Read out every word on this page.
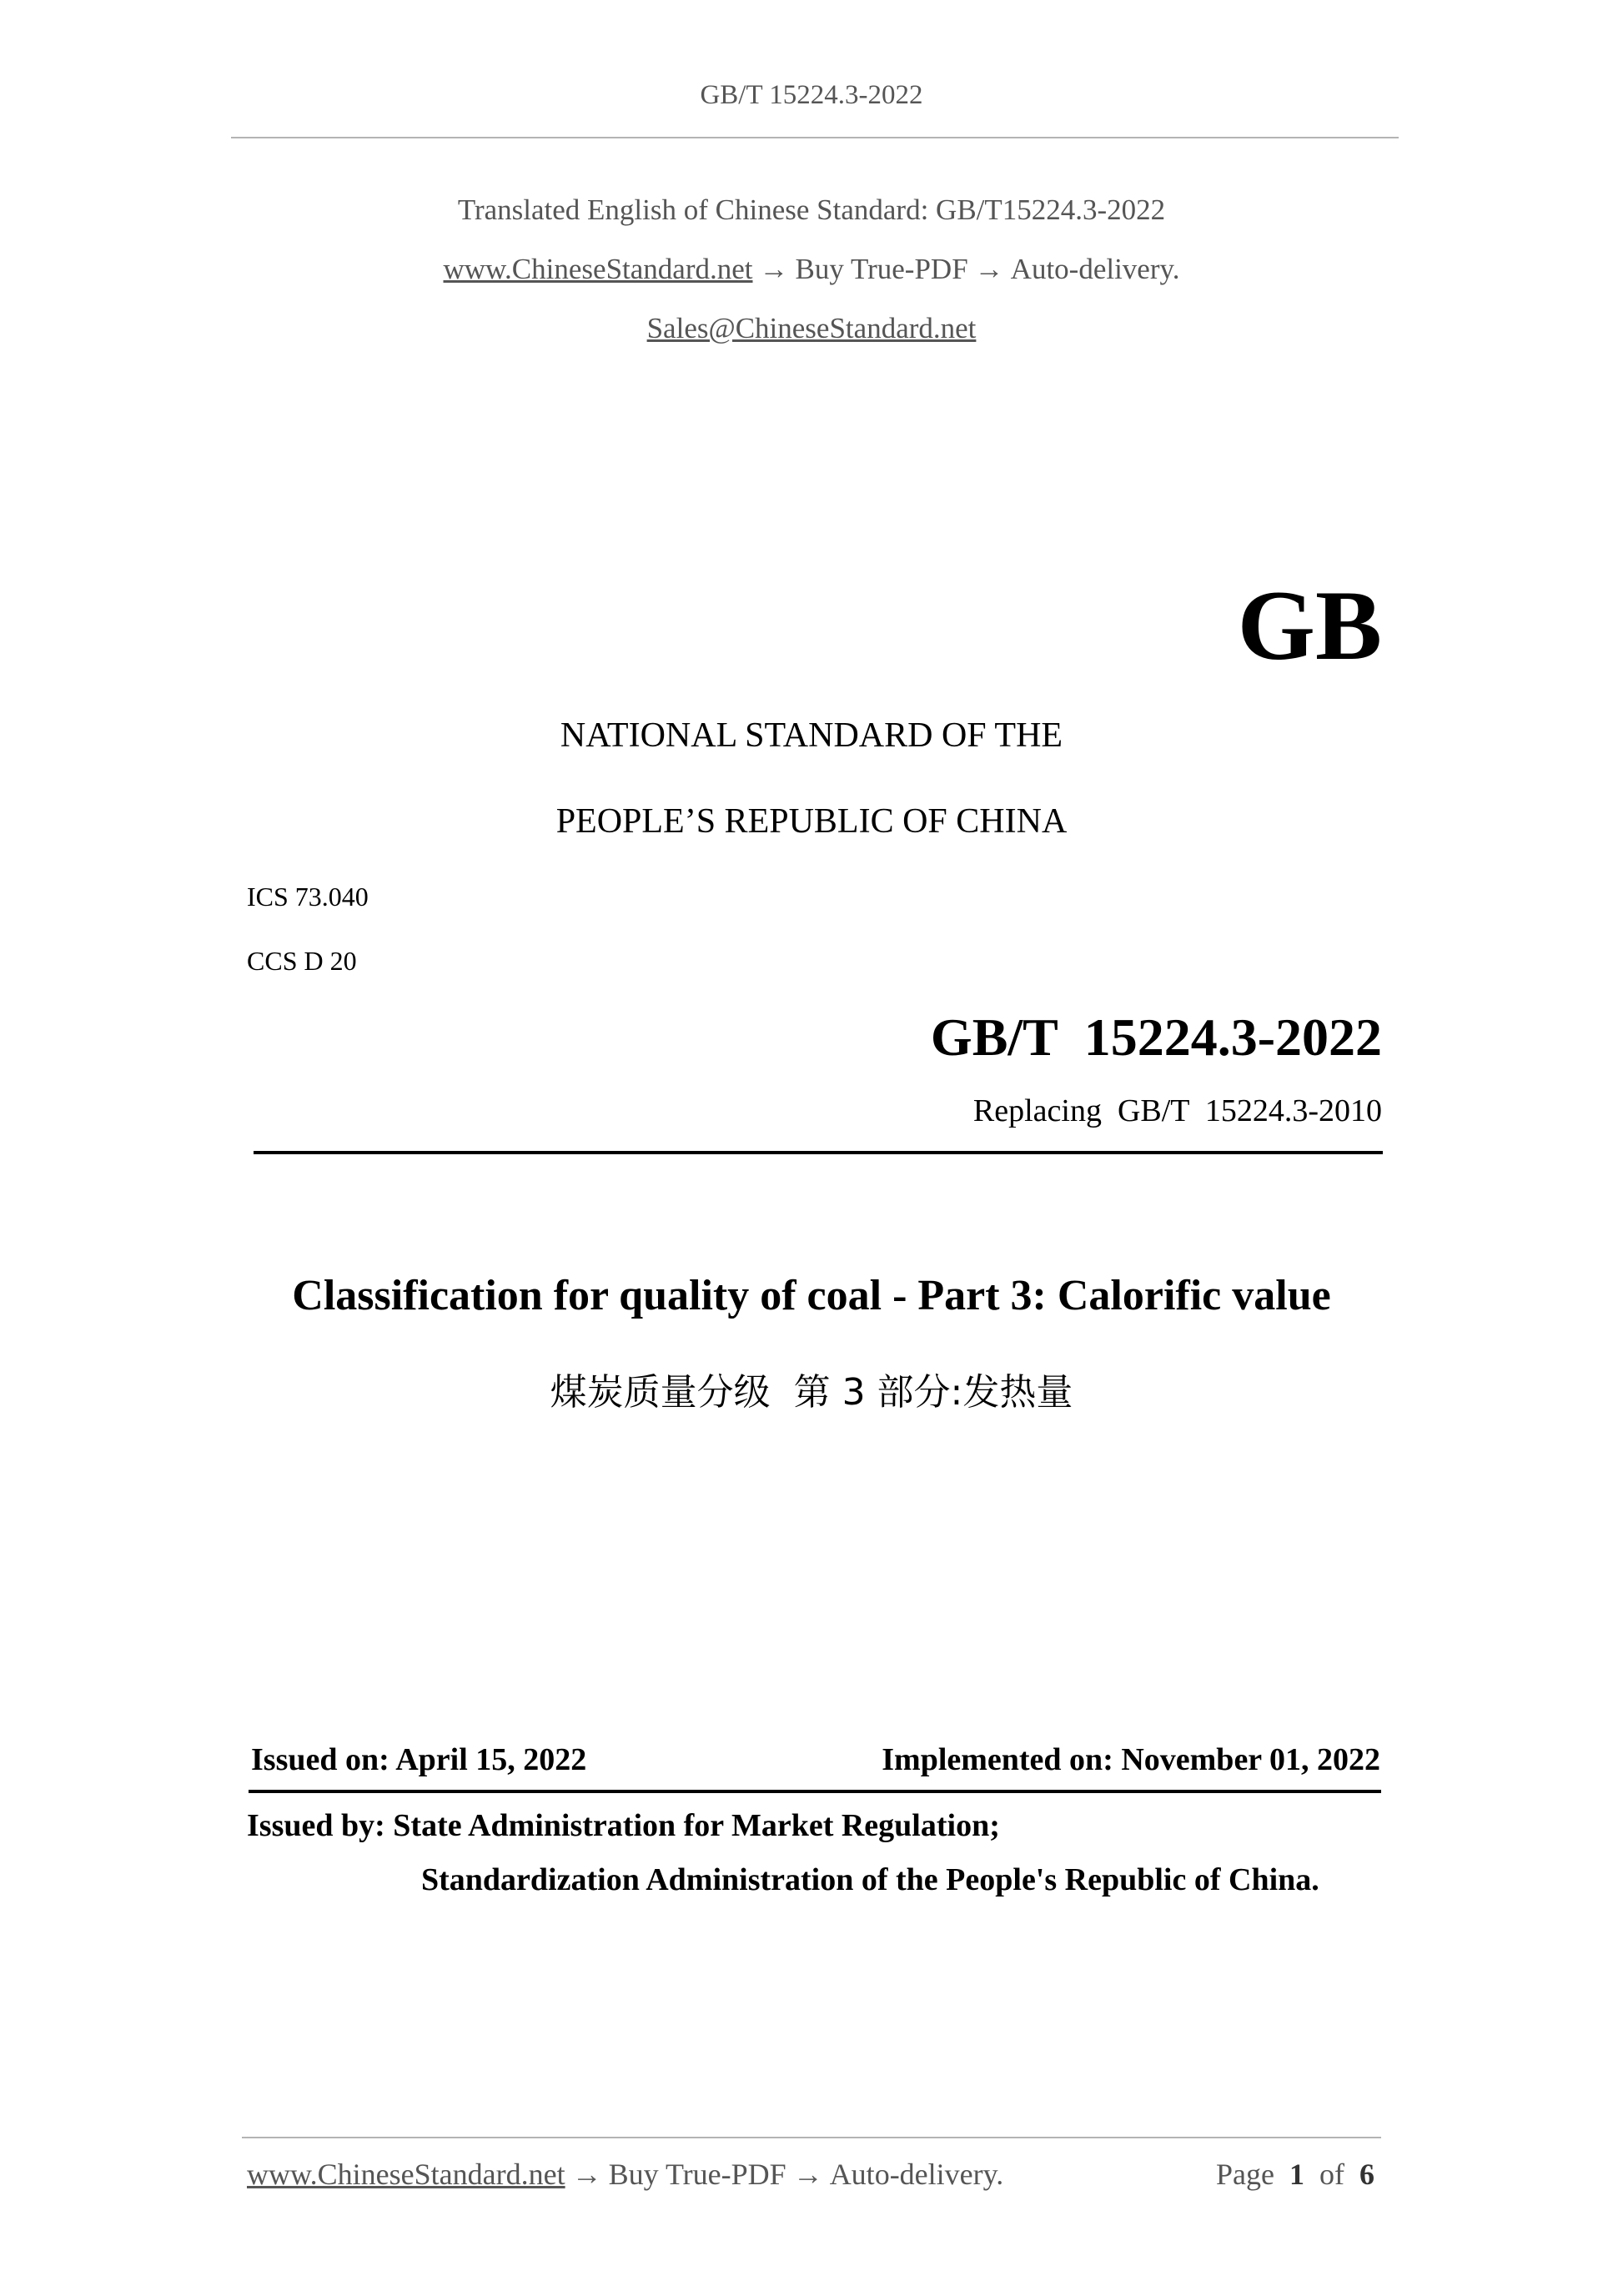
GB/T 15224.3-2022
Translated English of Chinese Standard: GB/T15224.3-2022
www.ChineseStandard.net → Buy True-PDF → Auto-delivery.
Sales@ChineseStandard.net
GB
NATIONAL STANDARD OF THE
PEOPLE’S REPUBLIC OF CHINA
ICS 73.040
CCS D 20
GB/T  15224.3-2022
Replacing  GB/T  15224.3-2010
Classification for quality of coal - Part 3: Calorific value
煤炭质量分级  第 3 部分:发热量
Issued on: April 15, 2022	Implemented on: November 01, 2022
Issued by: State Administration for Market Regulation;
Standardization Administration of the People's Republic of China.
www.ChineseStandard.net → Buy True-PDF → Auto-delivery.	Page 1 of 6
